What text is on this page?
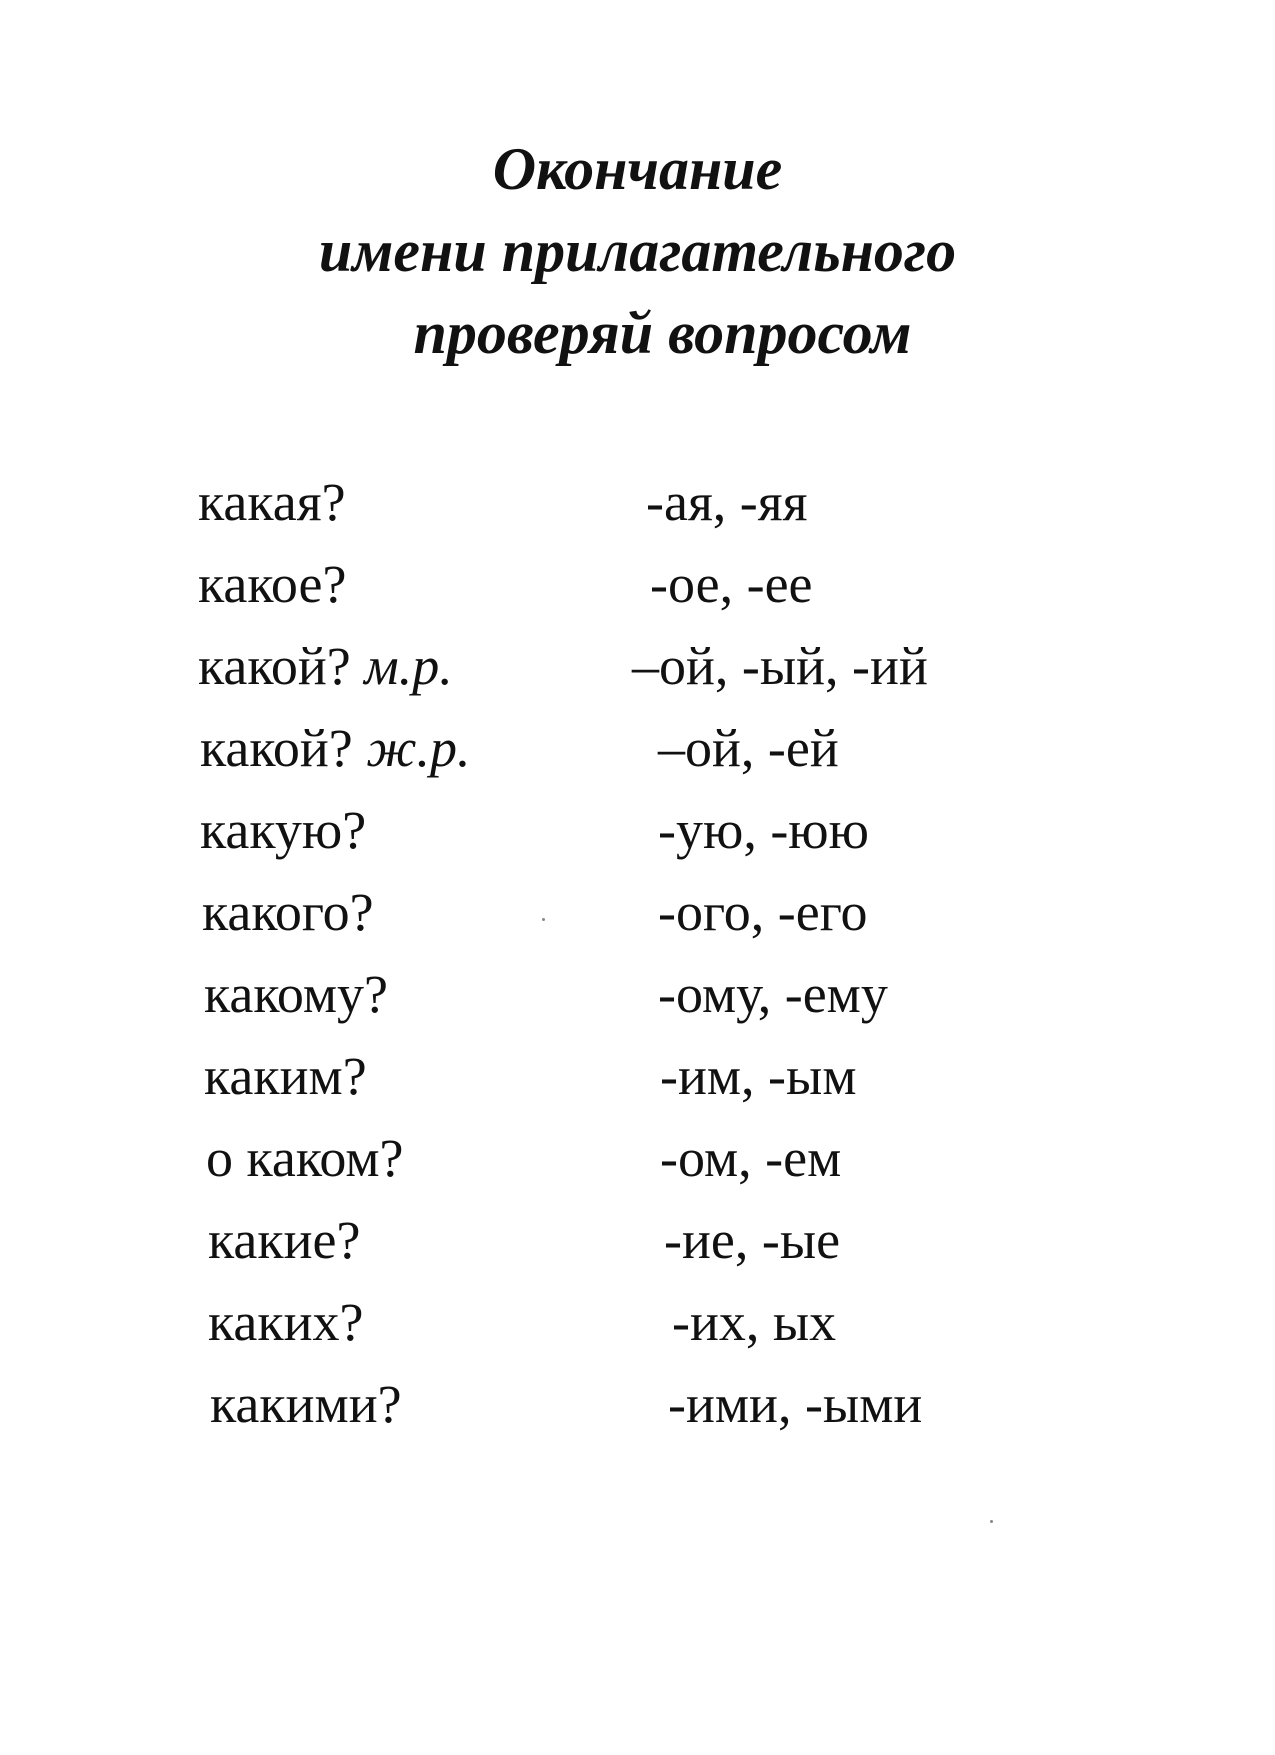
Окончание
имени прилагательного
проверяй вопросом
какая?	-ая, -яя
какое?	-ое, -ее
какой? м.р.	–ой, -ый, -ий
какой? ж.р.	–ой, -ей
какую?	-ую, -юю
какого?	-ого, -его
какому?	-ому, -ему
каким?	-им, -ым
о каком?	-ом, -ем
какие?	-ие, -ые
каких?	-их, ых
какими?	-ими, -ыми
